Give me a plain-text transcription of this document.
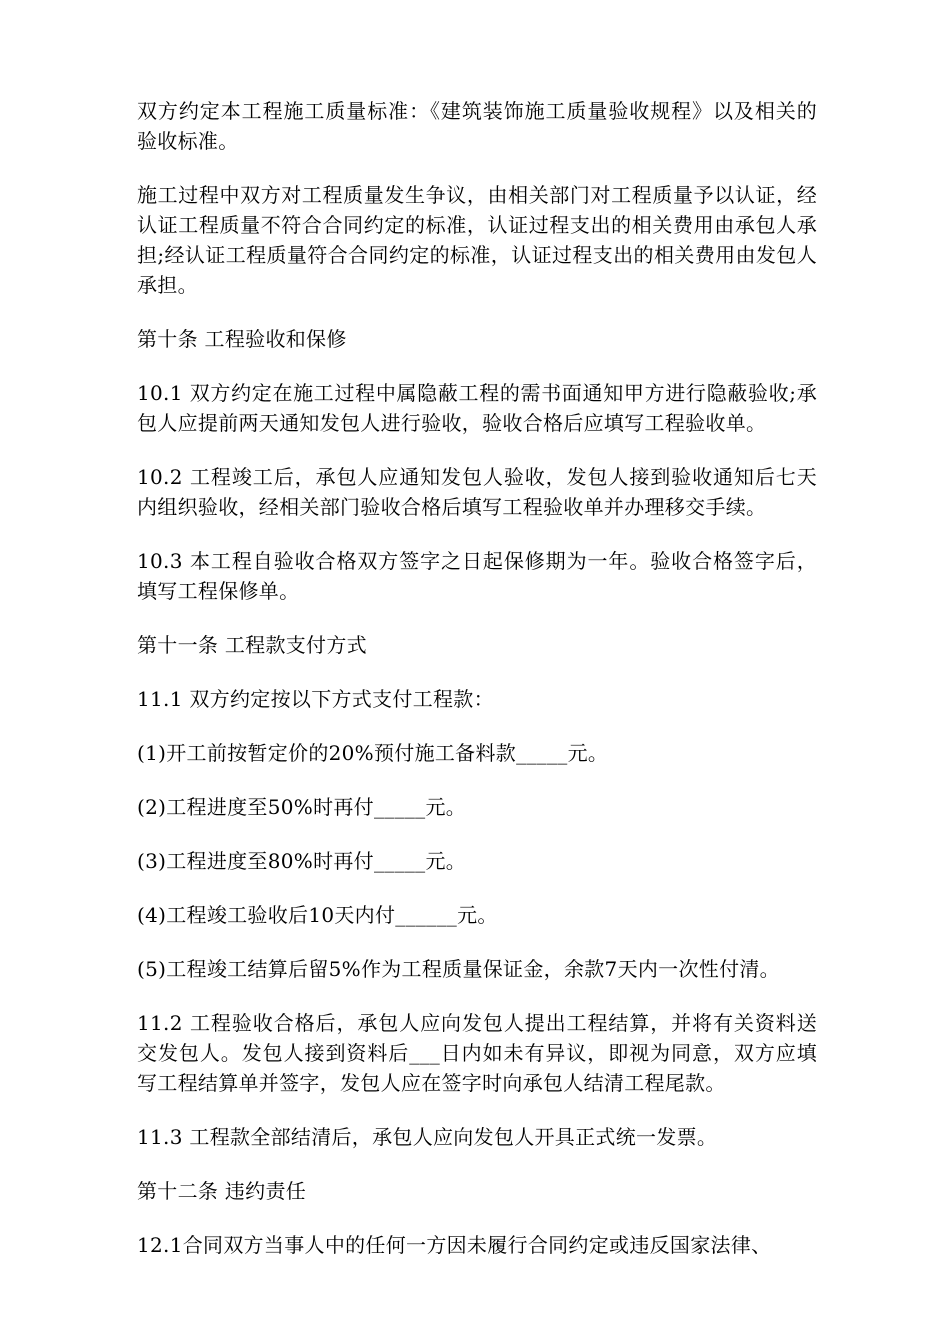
双方约定本工程施工质量标准：《建筑装饰施工质量验收规程》以及相关的验收标准。

施工过程中双方对工程质量发生争议，由相关部门对工程质量予以认证，经认证工程质量不符合合同约定的标准，认证过程支出的相关费用由承包人承担;经认证工程质量符合合同约定的标准，认证过程支出的相关费用由发包人承担。

第十条 工程验收和保修

10.1 双方约定在施工过程中属隐蔽工程的需书面通知甲方进行隐蔽验收;承包人应提前两天通知发包人进行验收，验收合格后应填写工程验收单。

10.2 工程竣工后，承包人应通知发包人验收，发包人接到验收通知后七天内组织验收，经相关部门验收合格后填写工程验收单并办理移交手续。

10.3 本工程自验收合格双方签字之日起保修期为一年。验收合格签字后，填写工程保修单。

第十一条 工程款支付方式

11.1 双方约定按以下方式支付工程款：

(1)开工前按暂定价的20%预付施工备料款_____元。

(2)工程进度至50%时再付_____元。

(3)工程进度至80%时再付_____元。

(4)工程竣工验收后10天内付______元。

(5)工程竣工结算后留5%作为工程质量保证金，余款7天内一次性付清。

11.2 工程验收合格后，承包人应向发包人提出工程结算，并将有关资料送交发包人。发包人接到资料后___日内如未有异议，即视为同意，双方应填写工程结算单并签字，发包人应在签字时向承包人结清工程尾款。

11.3 工程款全部结清后，承包人应向发包人开具正式统一发票。

第十二条 违约责任

12.1合同双方当事人中的任何一方因未履行合同约定或违反国家法律、
